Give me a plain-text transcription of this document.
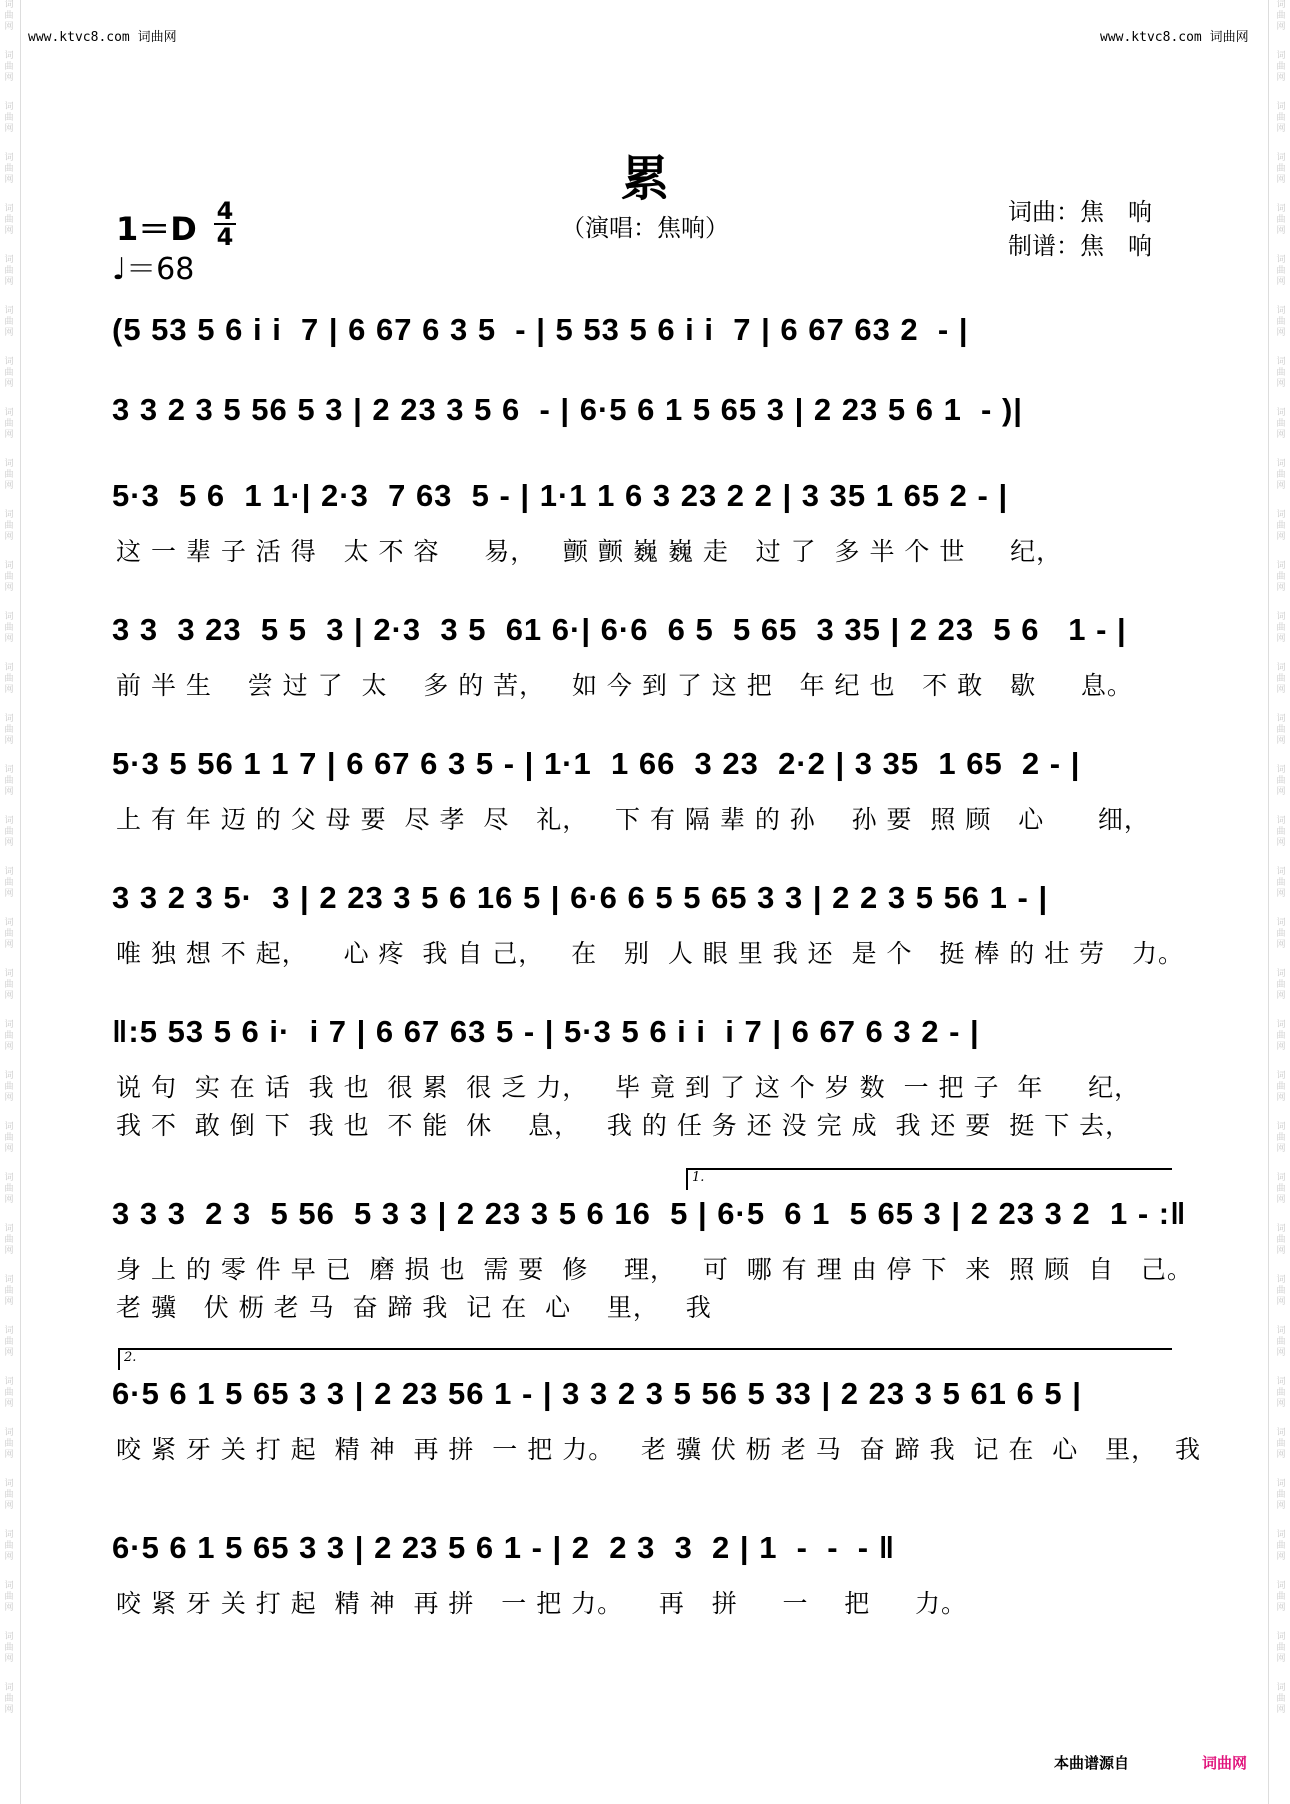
词
曲
网
词
曲
网
词
曲
网
词
曲
网
词
曲
网
词
曲
网
词
曲
网
词
曲
网
词
曲
网
词
曲
网
词
曲
网
词
曲
网
词
曲
网
词
曲
网
词
曲
网
词
曲
网
词
曲
网
词
曲
网
词
曲
网
词
曲
网
词
曲
网
词
曲
网
词
曲
网
词
曲
网
词
曲
网
词
曲
网
词
曲
网
词
曲
网
词
曲
网
词
曲
网
词
曲
网
词
曲
网
词
曲
网
词
曲
网
词
曲
网
词
曲
网
词
曲
网
词
曲
网
词
曲
网
词
曲
网
词
曲
网
词
曲
网
词
曲
网
词
曲
网
词
曲
网
词
曲
网
词
曲
网
词
曲
网
词
曲
网
词
曲
网
词
曲
网
词
曲
网
词
曲
网
词
曲
网
词
曲
网
词
曲
网
词
曲
网
词
曲
网
词
曲
网
词
曲
网
词
曲
网
词
曲
网
词
曲
网
词
曲
网
词
曲
网
词
曲
网
词
曲
网
词
曲
网
www.ktvc8.com 词曲网	www.ktvc8.com 词曲网
累
（演唱：焦响）
词曲：焦　响
制谱：焦　响
1＝D 4
4
♩＝68
(5 53 5 6 i i  7 | 6 67 6 3 5  - | 5 53 5 6 i i  7 | 6 67 63 2  - |
3 3 2 3 5 56 5 3 | 2 23 3 5 6  - | 6·5 6 1 5 65 3 | 2 23 5 6 1  - )|
5·3  5 6  1 1·| 2·3  7 63  5 - | 1·1 1 6 3 23 2 2 | 3 35 1 65 2 - |
这 一 辈 子 活 得   太 不 容     易，   颤 颤 巍 巍 走   过 了  多 半 个 世     纪，
3 3  3 23  5 5  3 | 2·3  3 5  61 6·| 6·6  6 5  5 65  3 35 | 2 23  5 6   1 - |
前 半 生    尝 过 了  太    多 的 苦，   如 今 到 了 这 把   年 纪 也   不 敢   歇     息。
5·3 5 56 1 1 7 | 6 67 6 3 5 - | 1·1  1 66  3 23  2·2 | 3 35  1 65  2 - |
上 有 年 迈 的 父 母 要  尽 孝  尽   礼，   下 有 隔 辈 的 孙    孙 要  照 顾   心      细，
3 3 2 3 5·  3 | 2 23 3 5 6 16 5 | 6·6 6 5 5 65 3 3 | 2 2 3 5 56 1 - |
唯 独 想 不 起，    心 疼  我 自 己，   在   别  人 眼 里 我 还  是 个   挺 棒 的 壮 劳   力。
‖:5 53 5 6 i·  i 7 | 6 67 63 5 - | 5·3 5 6 i i  i 7 | 6 67 6 3 2 - |
说 句  实 在 话  我 也  很 累  很 乏 力，   毕 竟 到 了 这 个 岁 数  一 把 子  年     纪，
我 不  敢 倒 下  我 也  不 能  休    息，   我 的 任 务 还 没 完 成  我 还 要  挺 下 去，
3 3 3  2 3  5 56  5 3 3 | 2 23 3 5 6 16  5 | 6·5  6 1  5 65 3 | 2 23 3 2  1 - :‖
1.
身 上 的 零 件 早 已  磨 损 也  需 要  修    理，   可  哪 有 理 由 停 下  来  照 顾  自   己。
老 骥   伏 枥 老 马  奋 蹄 我  记 在  心    里，   我
6·5 6 1 5 65 3 3 | 2 23 56 1 - | 3 3 2 3 5 56 5 33 | 2 23 3 5 61 6 5 |
2.
咬 紧 牙 关 打 起  精 神  再 拼  一 把 力。   老 骥 伏 枥 老 马  奋 蹄 我  记 在  心   里，  我
6·5 6 1 5 65 3 3 | 2 23 5 6 1 - | 2  2 3  3  2 | 1  -  -  - ‖
咬 紧 牙 关 打 起  精 神  再 拼   一 把 力。    再   拼     一    把     力。
本曲谱源自	词曲网
